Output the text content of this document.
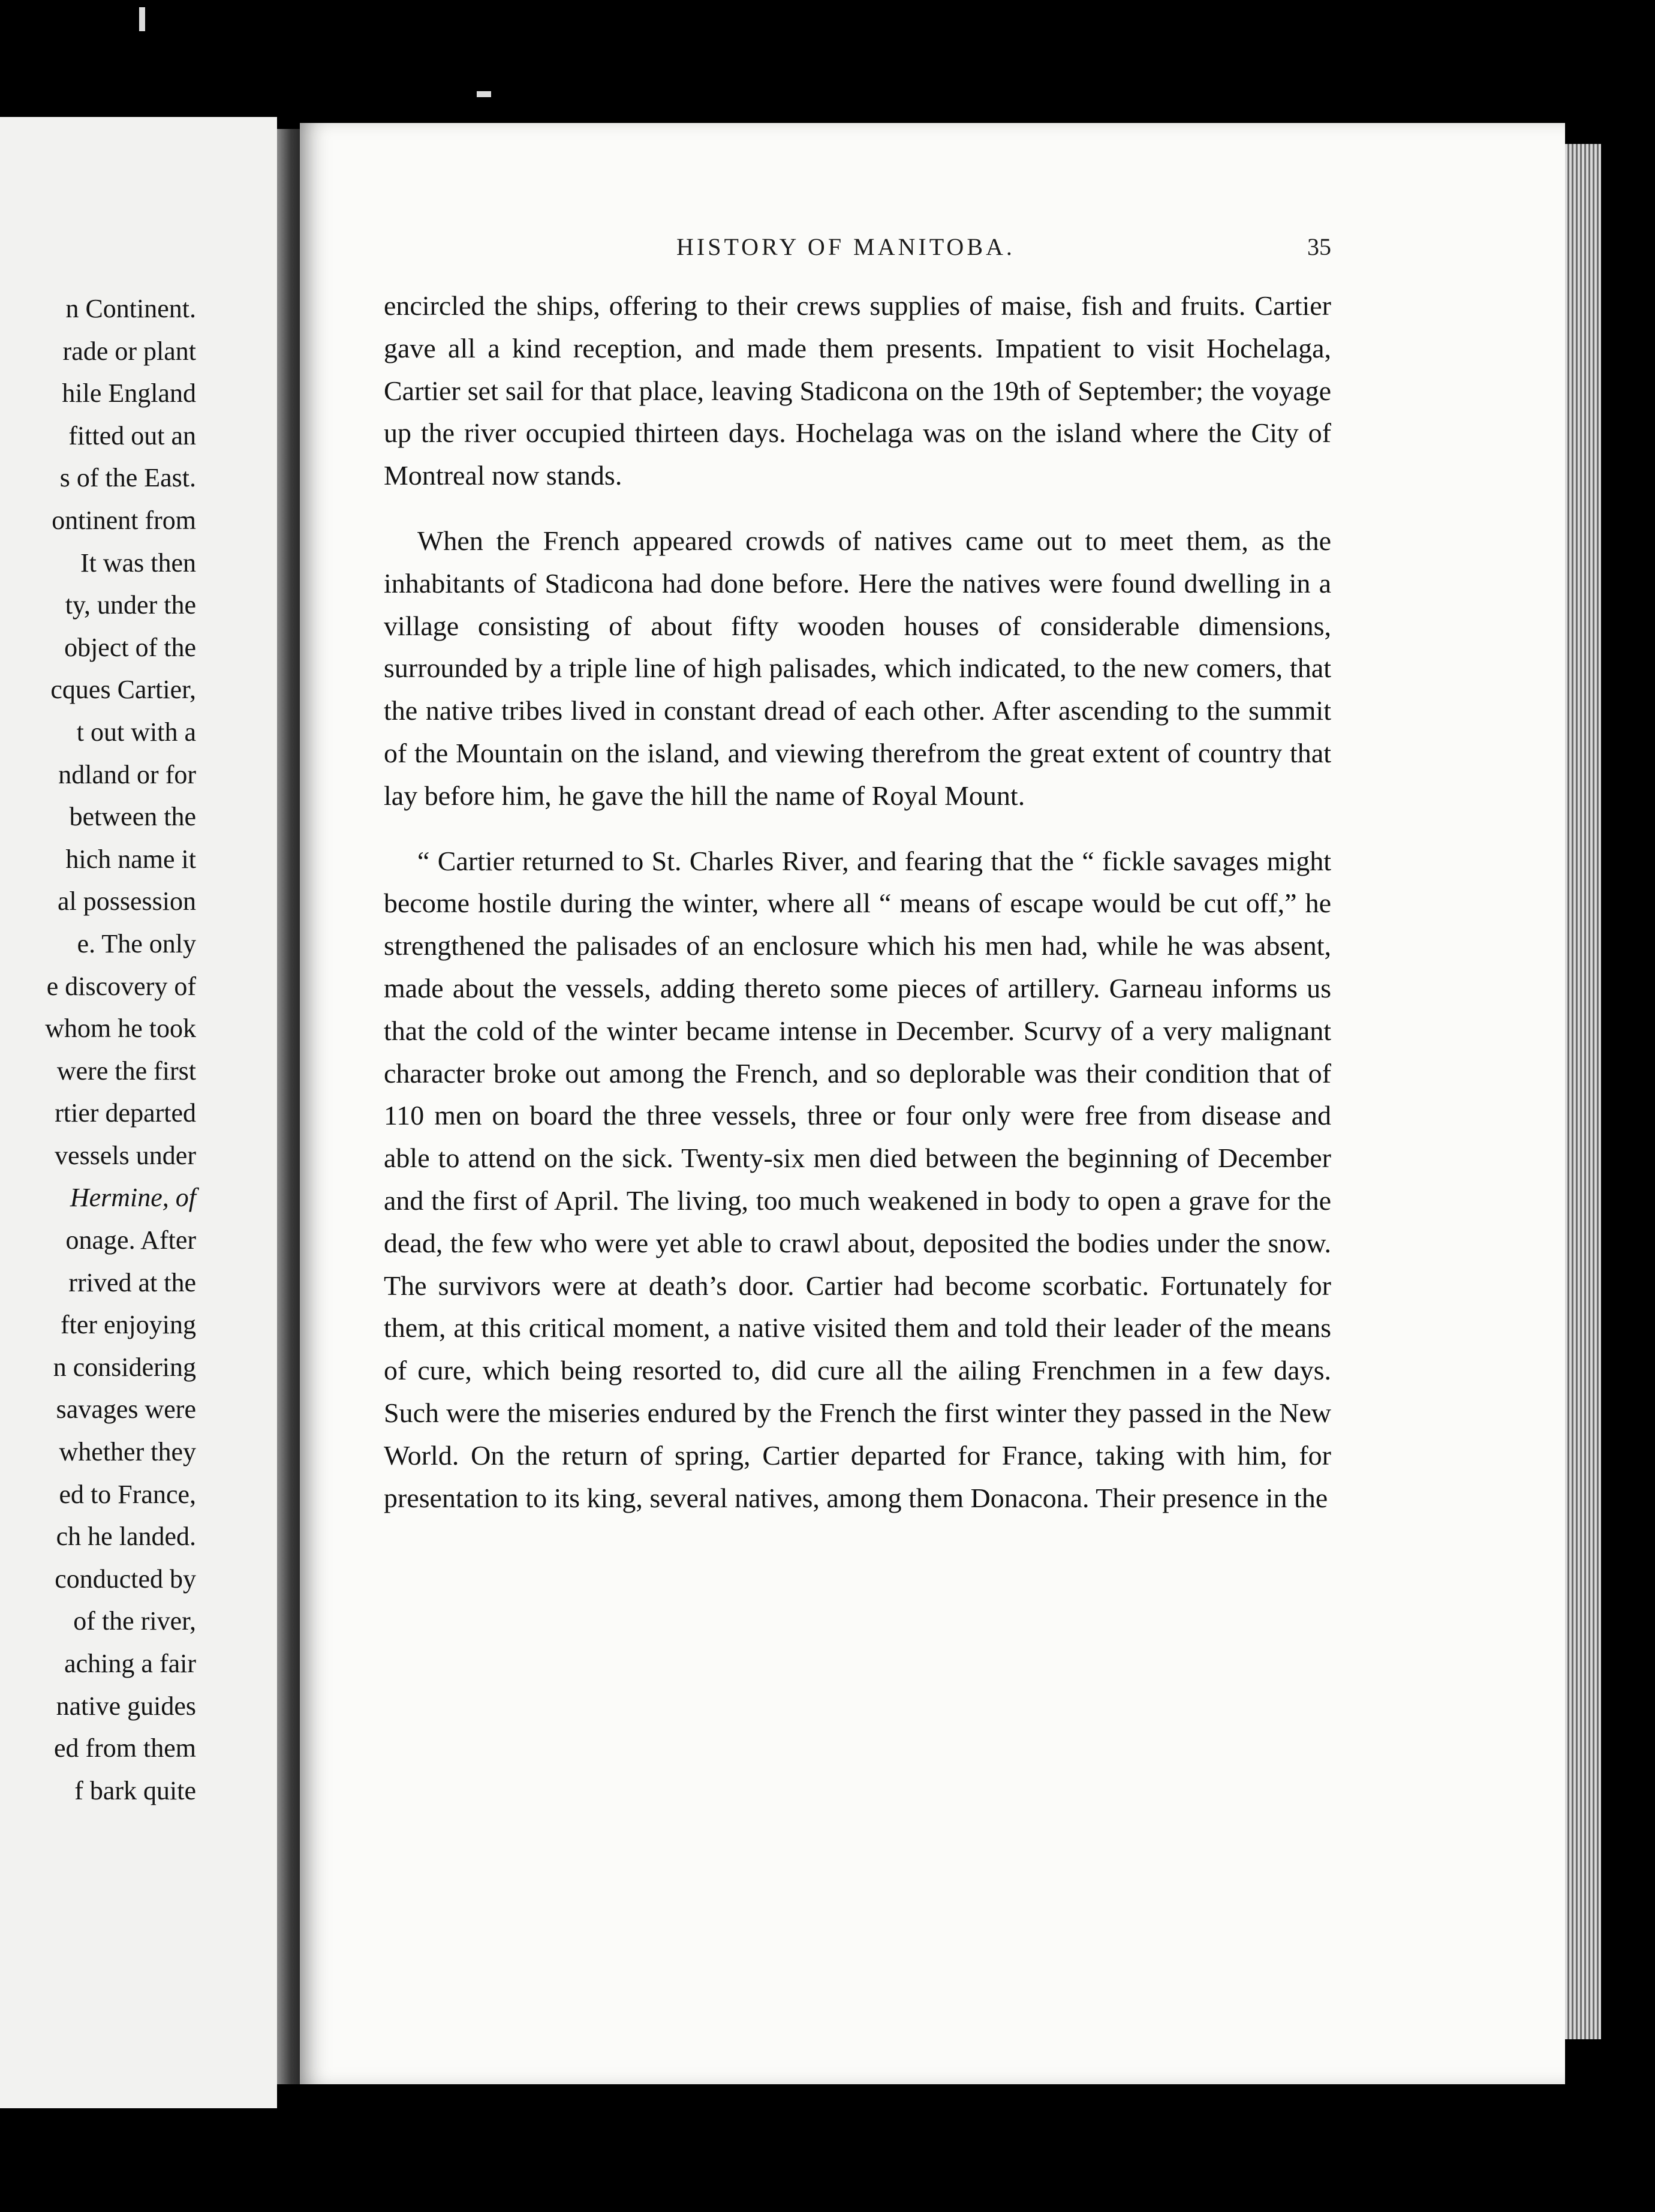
n Continent.
rade or plant
hile England
fitted out an
s of the East.
ontinent from
It was then
ty, under the
object of the
cques Cartier,
t out with a
ndland or for
between the
hich name it
al possession
e. The only
e discovery of
whom he took
were the first
rtier departed
vessels under
Hermine, of
onage. After
rrived at the
fter enjoying
n considering
savages were
whether they
ed to France,
ch he landed.
conducted by
of the river,
aching a fair
native guides
ed from them
f bark quite
HISTORY OF MANITOBA.	35

encircled the ships, offering to their crews supplies of maise, fish and fruits. Cartier gave all a kind reception, and made them presents. Impatient to visit Hochelaga, Cartier set sail for that place, leaving Stadicona on the 19th of September; the voyage up the river occupied thirteen days. Hochelaga was on the island where the City of Montreal now stands.

When the French appeared crowds of natives came out to meet them, as the inhabitants of Stadicona had done before. Here the natives were found dwelling in a village consisting of about fifty wooden houses of considerable dimensions, surrounded by a triple line of high palisades, which indicated, to the new comers, that the native tribes lived in constant dread of each other. After ascending to the summit of the Mountain on the island, and viewing therefrom the great extent of country that lay before him, he gave the hill the name of Royal Mount.

“ Cartier returned to St. Charles River, and fearing that the “ fickle savages might become hostile during the winter, where all “ means of escape would be cut off,” he strengthened the palisades of an enclosure which his men had, while he was absent, made about the vessels, adding thereto some pieces of artillery. Garneau informs us that the cold of the winter became intense in December. Scurvy of a very malignant character broke out among the French, and so deplorable was their condition that of 110 men on board the three vessels, three or four only were free from disease and able to attend on the sick. Twenty-six men died between the beginning of December and the first of April. The living, too much weakened in body to open a grave for the dead, the few who were yet able to crawl about, deposited the bodies under the snow. The survivors were at death’s door. Cartier had become scorbatic. Fortunately for them, at this critical moment, a native visited them and told their leader of the means of cure, which being resorted to, did cure all the ailing Frenchmen in a few days. Such were the miseries endured by the French the first winter they passed in the New World. On the return of spring, Cartier departed for France, taking with him, for presentation to its king, several natives, among them Donacona. Their presence in the
